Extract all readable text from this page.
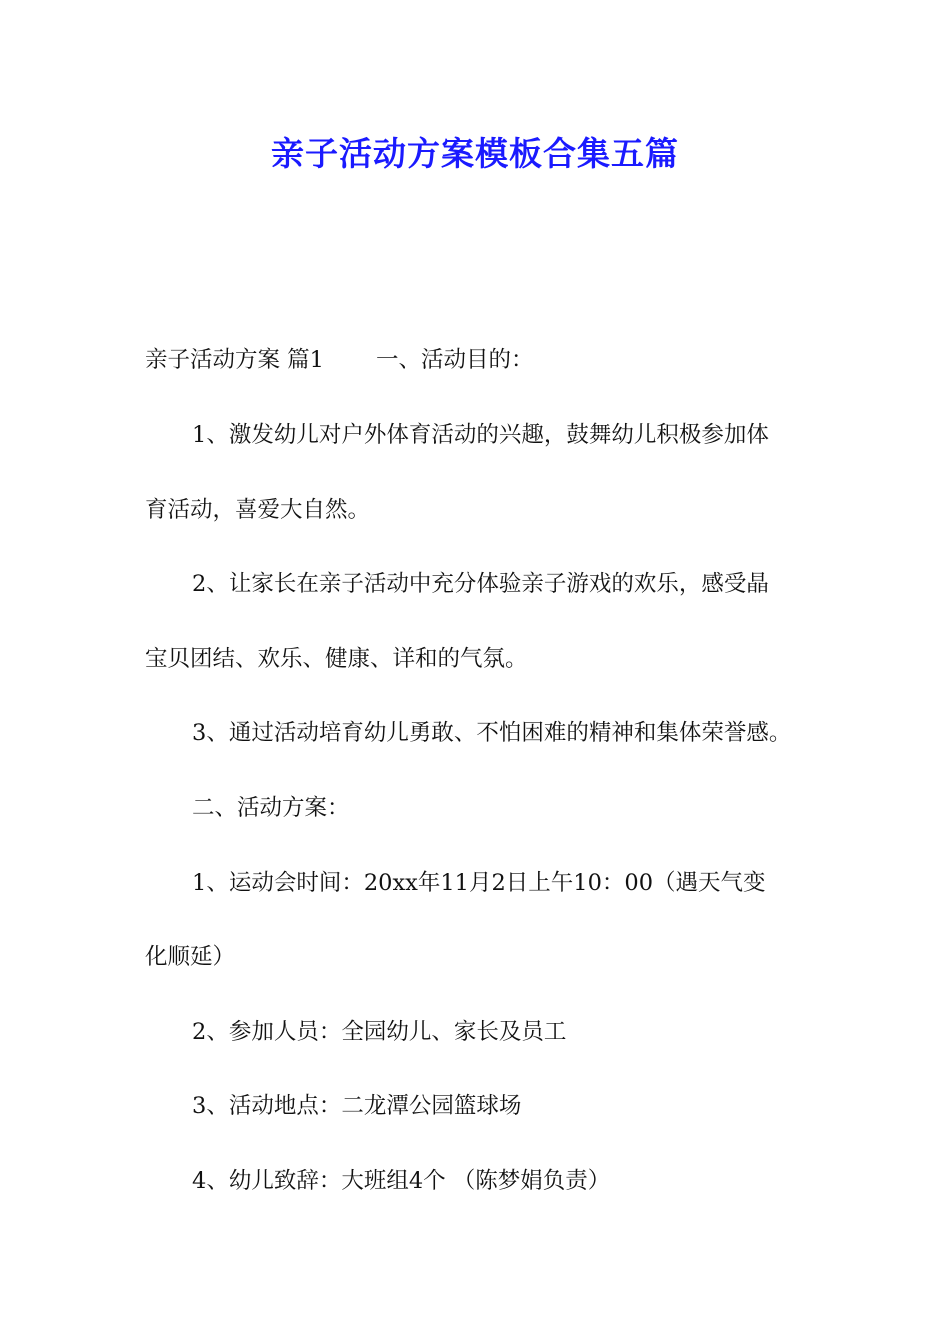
亲子活动方案模板合集五篇

亲子活动方案 篇1 一、活动目的：

1、激发幼儿对户外体育活动的兴趣，鼓舞幼儿积极参加体

育活动，喜爱大自然。

2、让家长在亲子活动中充分体验亲子游戏的欢乐，感受晶

宝贝团结、欢乐、健康、详和的气氛。

3、通过活动培育幼儿勇敢、不怕困难的精神和集体荣誉感。

二、活动方案：

1、运动会时间：20xx年11月2日上午10：00（遇天气变

化顺延）

2、参加人员：全园幼儿、家长及员工

3、活动地点：二龙潭公园篮球场

4、幼儿致辞：大班组4个 （陈梦娟负责）
